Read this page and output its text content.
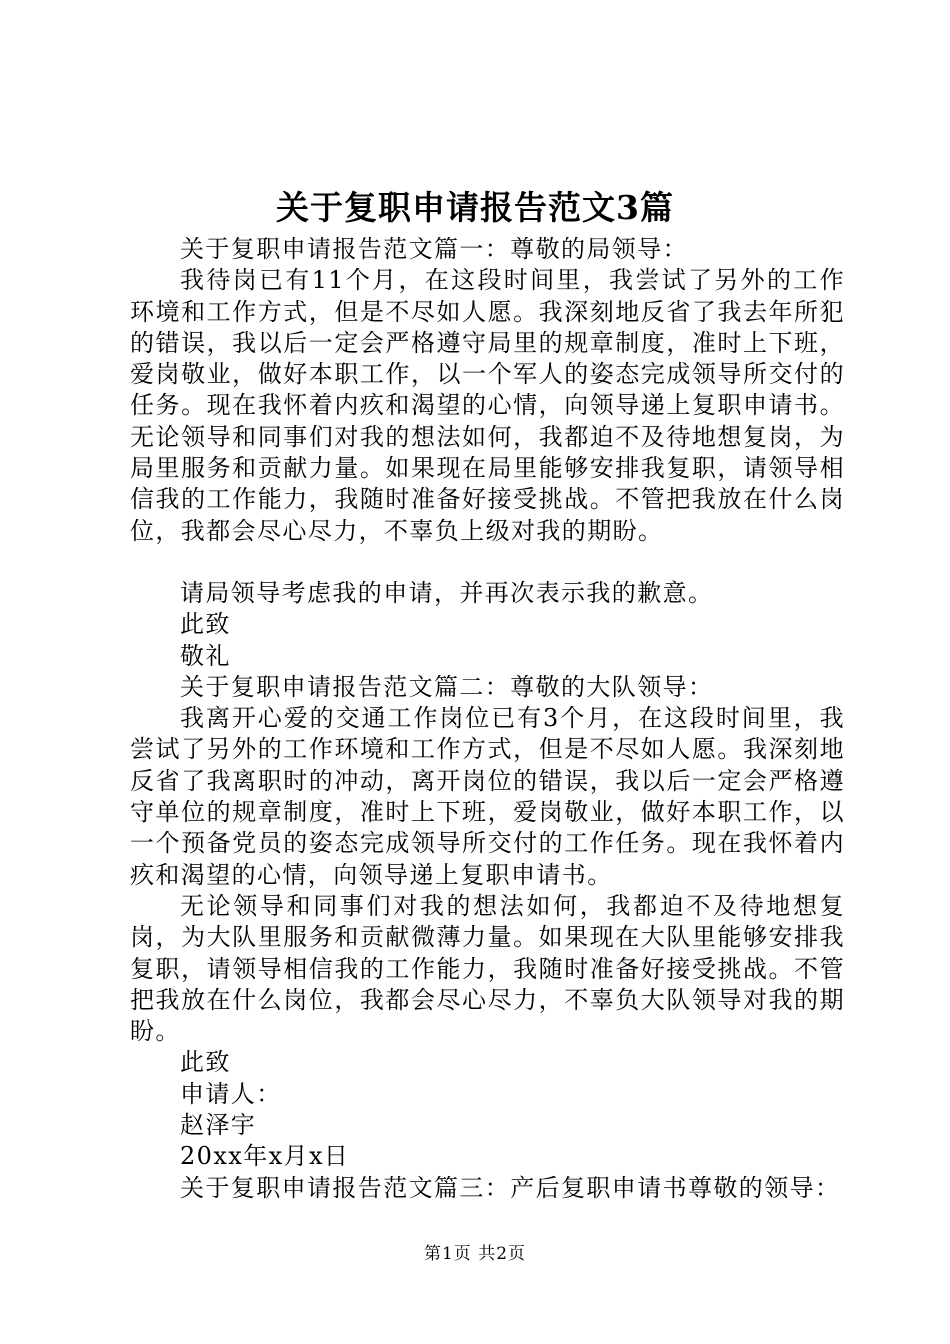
关于复职申请报告范文3篇
关于复职申请报告范文篇一：尊敬的局领导：
我待岗已有11个月，在这段时间里，我尝试了另外的工作环境和工作方式，但是不尽如人愿。我深刻地反省了我去年所犯的错误，我以后一定会严格遵守局里的规章制度，准时上下班，爱岗敬业，做好本职工作，以一个军人的姿态完成领导所交付的任务。现在我怀着内疚和渴望的心情，向领导递上复职申请书。无论领导和同事们对我的想法如何，我都迫不及待地想复岗，为局里服务和贡献力量。如果现在局里能够安排我复职，请领导相信我的工作能力，我随时准备好接受挑战。不管把我放在什么岗位，我都会尽心尽力，不辜负上级对我的期盼。
请局领导考虑我的申请，并再次表示我的歉意。
此致
敬礼
关于复职申请报告范文篇二：尊敬的大队领导：
我离开心爱的交通工作岗位已有3个月，在这段时间里，我尝试了另外的工作环境和工作方式，但是不尽如人愿。我深刻地反省了我离职时的冲动，离开岗位的错误，我以后一定会严格遵守单位的规章制度，准时上下班，爱岗敬业，做好本职工作，以一个预备党员的姿态完成领导所交付的工作任务。现在我怀着内疚和渴望的心情，向领导递上复职申请书。
无论领导和同事们对我的想法如何，我都迫不及待地想复岗，为大队里服务和贡献微薄力量。如果现在大队里能够安排我复职，请领导相信我的工作能力，我随时准备好接受挑战。不管把我放在什么岗位，我都会尽心尽力，不辜负大队领导对我的期盼。
此致
申请人：
赵泽宇
20xx年x月x日
关于复职申请报告范文篇三：产后复职申请书尊敬的领导：
第1页 共2页
